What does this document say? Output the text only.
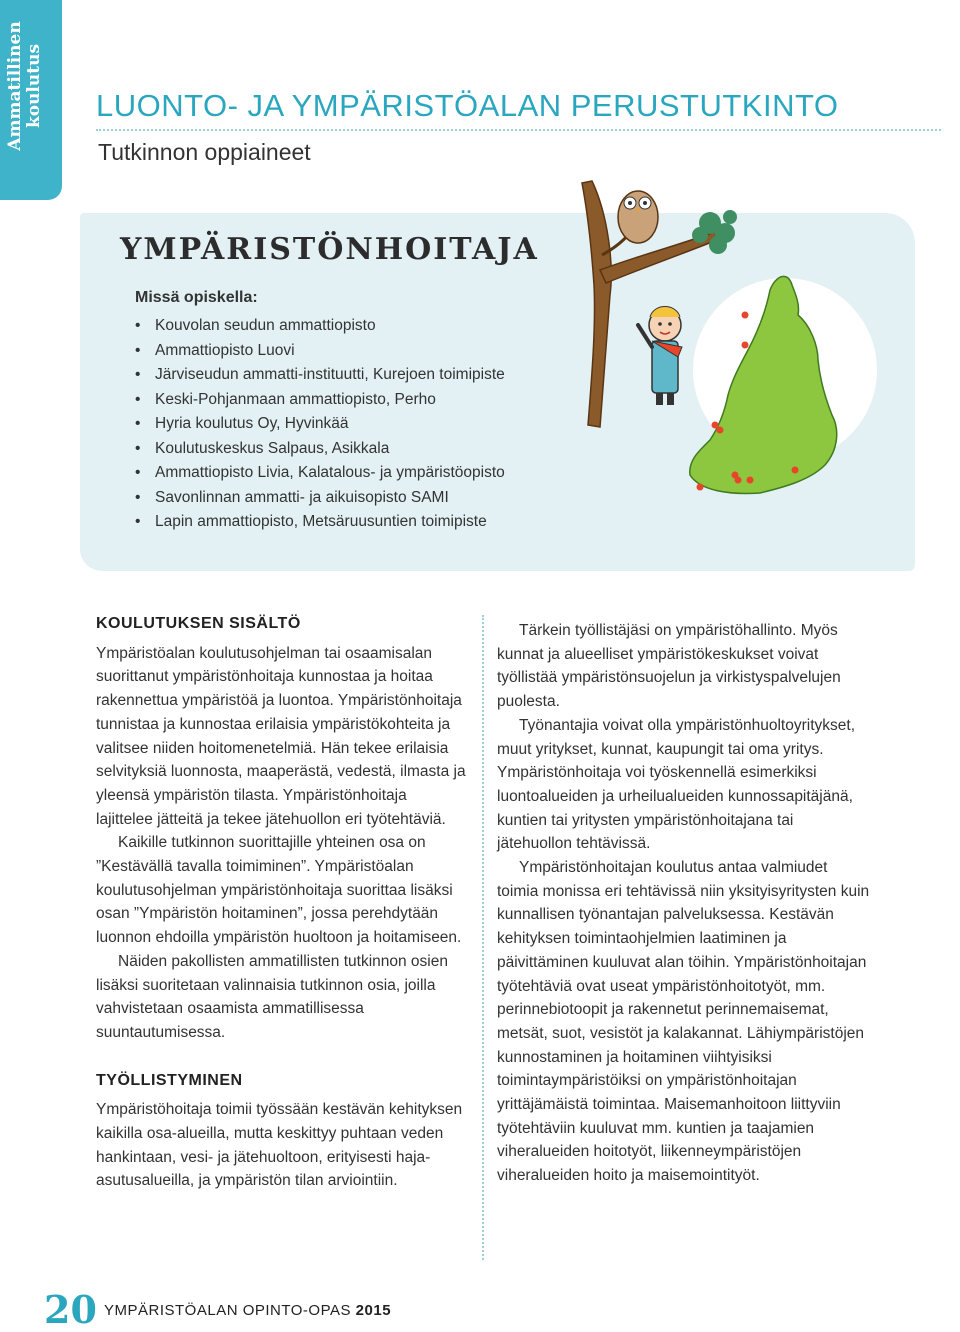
Ammatillinen koulutus LUONTO- JA YMPÄRISTÖALAN PERUSTUTKINTO
Tutkinnon oppiaineet
YMPÄRISTÖNHOITAJA
Missä opiskella:
• Kouvolan seudun ammattiopisto
• Ammattiopisto Luovi
• Järviseudun ammatti-instituutti, Kurejoen toimipiste
• Keski-Pohjanmaan ammattiopisto, Perho
• Hyria koulutus Oy, Hyvinkää
• Koulutuskeskus Salpaus, Asikkala
• Ammattiopisto Livia, Kalatalous- ja ympäristöopisto
• Savonlinnan ammatti- ja aikuisopisto SAMI
• Lapin ammattiopisto, Metsäruusuntien toimipiste
KOULUTUKSEN SISÄLTÖ

Ympäristöalan koulutusohjelman tai osaamisalan suorittanut ympäristönhoitaja kunnostaa ja hoitaa rakennettua ympäristöä ja luontoa. Ympäristönhoitaja tunnistaa ja kunnostaa erilaisia ympäristökohteita ja valitsee niiden hoitomenetelmiä. Hän tekee erilaisia selvityksiä luonnosta, maaperästä, vedestä, ilmasta ja yleensä ympäristön tilasta. Ympäristönhoitaja lajittelee jätteitä ja tekee jätehuollon eri työtehtäviä.

Kaikille tutkinnon suorittajille yhteinen osa on ”Kestävällä tavalla toimiminen”. Ympäristöalan koulutusohjelman ympäristönhoitaja suorittaa lisäksi osan ”Ympäristön hoitaminen”, jossa perehdytään luonnon ehdoilla ympäristön huoltoon ja hoitamiseen.

Näiden pakollisten ammatillisten tutkinnon osien lisäksi suoritetaan valinnaisia tutkinnon osia, joilla vahvistetaan osaamista ammatillisessa suuntautumisessa.

TYÖLLISTYMINEN

Ympäristöhoitaja toimii työssään kestävän kehityksen kaikilla osa-alueilla, mutta keskittyy puhtaan veden hankintaan, vesi- ja jätehuoltoon, erityisesti haja-asutusalueilla, ja ympäristön tilan arviointiin.

Tärkein työllistäjäsi on ympäristöhallinto. Myös kunnat ja alueelliset ympäristökeskukset voivat työllistää ympäristönsuojelun ja virkistyspalvelujen puolesta.

Työnantajia voivat olla ympäristönhuoltoyritykset, muut yritykset, kunnat, kaupungit tai oma yritys. Ympäristönhoitaja voi työskennellä esimerkiksi luontoalueiden ja urheilualueiden kunnossapitäjänä, kuntien tai yritysten ympäristönhoitajana tai jätehuollon tehtävissä.

Ympäristönhoitajan koulutus antaa valmiudet toimia monissa eri tehtävissä niin yksityisyritysten kuin kunnallisen työnantajan palveluksessa. Kestävän kehityksen toimintaohjelmien laatiminen ja päivittäminen kuuluvat alan töihin. Ympäristönhoitajan työtehtäviä ovat useat ympäristönhoitotyöt, mm. perinnebiotoopit ja rakennetut perinnemaisemat, metsät, suot, vesistöt ja kalakannat. Lähiympäristöjen kunnostaminen ja hoitaminen viihtyisiksi toimintaympäristöiksi on ympäristönhoitajan yrittäjämäistä toimintaa. Maisemanhoitoon liittyviin työtehtäviin kuuluvat mm. kuntien ja taajamien viheralueiden hoitotyöt, liikenneympäristöjen viheralueiden hoito ja maisemointityöt.

20 YMPÄRISTÖALAN OPINTO-OPAS 2015
